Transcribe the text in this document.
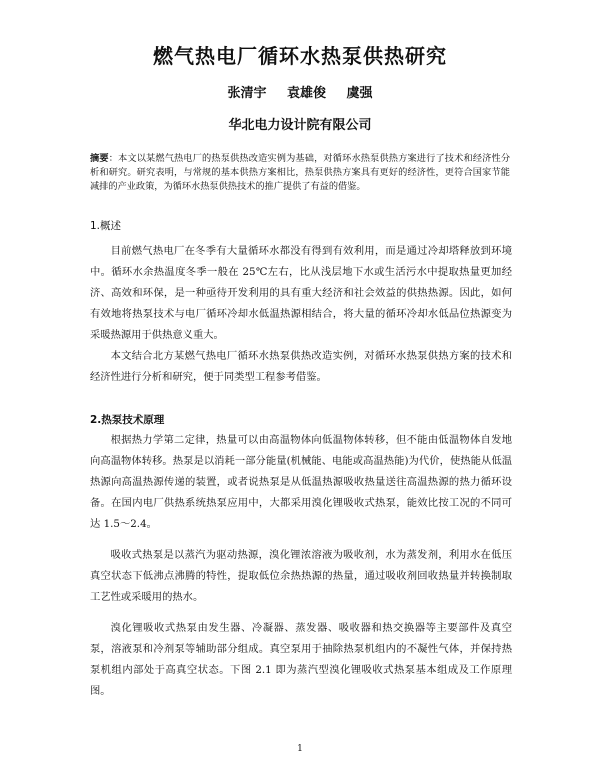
燃气热电厂循环水热泵供热研究
张清宇 袁雄俊 虞强
华北电力设计院有限公司
摘要：本文以某燃气热电厂的热泵供热改造实例为基础，对循环水热泵供热方案进行了技术和经济性分析和研究。研究表明，与常规的基本供热方案相比，热泵供热方案具有更好的经济性，更符合国家节能减排的产业政策，为循环水热泵供热技术的推广提供了有益的借鉴。
1.概述
目前燃气热电厂在冬季有大量循环水都没有得到有效利用，而是通过冷却塔释放到环境中。循环水余热温度冬季一般在 25℃左右，比从浅层地下水或生活污水中提取热量更加经济、高效和环保，是一种亟待开发利用的具有重大经济和社会效益的供热热源。因此，如何有效地将热泵技术与电厂循环冷却水低温热源相结合，将大量的循环冷却水低品位热源变为采暖热源用于供热意义重大。
本文结合北方某燃气热电厂循环水热泵供热改造实例，对循环水热泵供热方案的技术和经济性进行分析和研究，便于同类型工程参考借鉴。
2.热泵技术原理
根据热力学第二定律，热量可以由高温物体向低温物体转移，但不能由低温物体自发地向高温物体转移。热泵是以消耗一部分能量(机械能、电能或高温热能)为代价，使热能从低温热源向高温热源传递的装置，或者说热泵是从低温热源吸收热量送往高温热源的热力循环设备。在国内电厂供热系统热泵应用中，大都采用溴化锂吸收式热泵，能效比按工况的不同可达 1.5～2.4。
吸收式热泵是以蒸汽为驱动热源，溴化锂浓溶液为吸收剂，水为蒸发剂，利用水在低压真空状态下低沸点沸腾的特性，提取低位余热热源的热量，通过吸收剂回收热量并转换制取工艺性或采暖用的热水。
溴化锂吸收式热泵由发生器、冷凝器、蒸发器、吸收器和热交换器等主要部件及真空泵，溶液泵和冷剂泵等辅助部分组成。真空泵用于抽除热泵机组内的不凝性气体，并保持热泵机组内部处于高真空状态。下图 2.1 即为蒸汽型溴化锂吸收式热泵基本组成及工作原理图。
1
